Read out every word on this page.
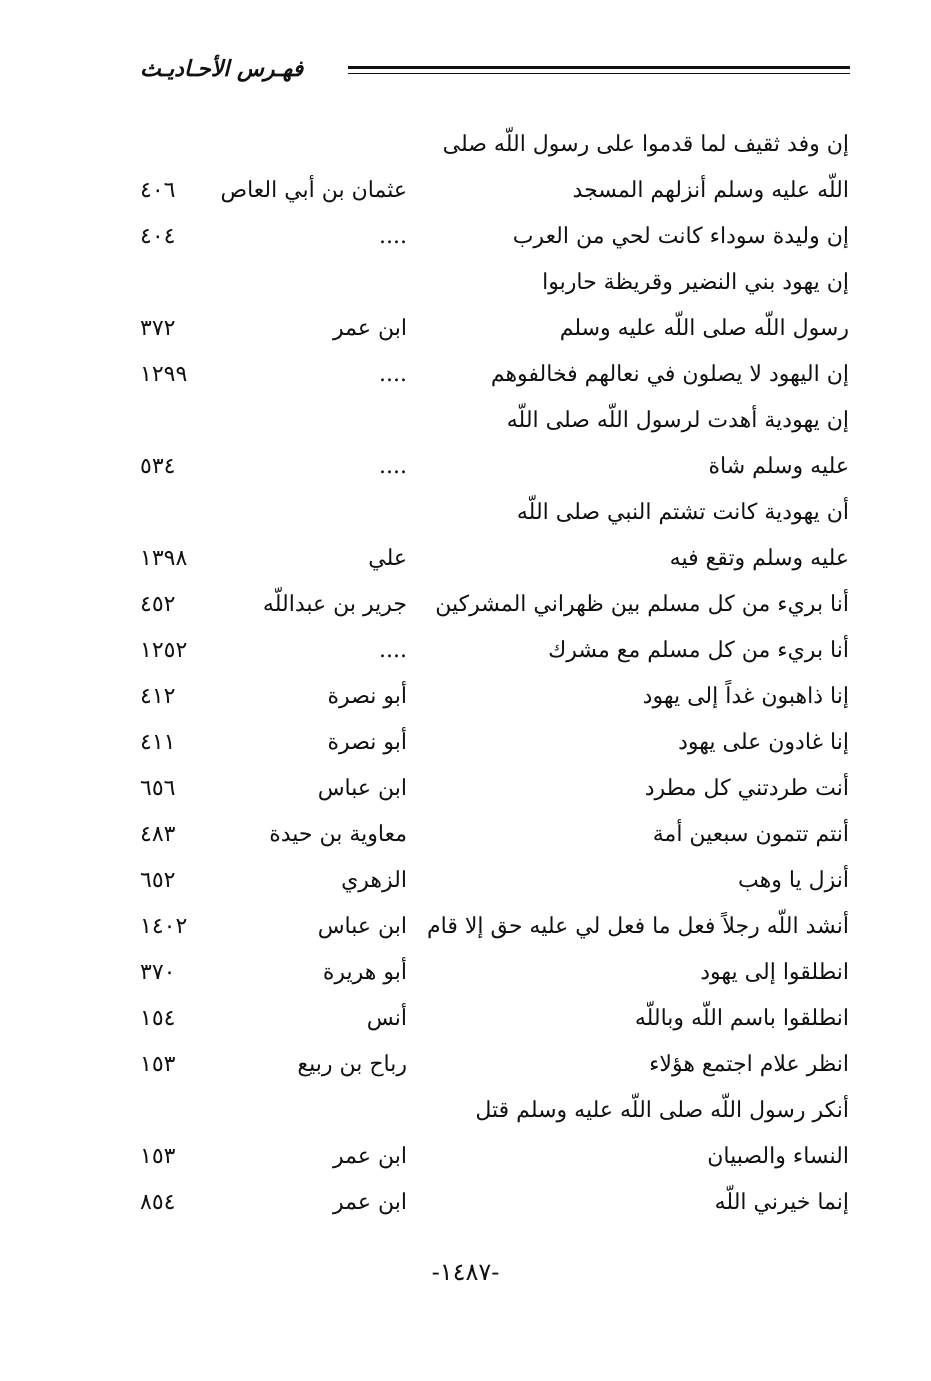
فهـرس الأحـاديـث
إن وفد ثقيف لما قدموا على رسول اللّه صلى
اللّه عليه وسلم أنزلهم المسجد
عثمان بن أبي العاص
٤٠٦
إن وليدة سوداء كانت لحي من العرب
....
٤٠٤
إن يهود بني النضير وقريظة حاربوا
رسول اللّه صلى اللّه عليه وسلم
ابن عمر
٣٧٢
إن اليهود لا يصلون في نعالهم فخالفوهم
....
١٢٩٩
إن يهودية أهدت لرسول اللّه صلى اللّه
عليه وسلم شاة
....
٥٣٤
أن يهودية كانت تشتم النبي صلى اللّه
عليه وسلم وتقع فيه
علي
١٣٩٨
أنا بريء من كل مسلم بين ظهراني المشركين
جرير بن عبداللّه
٤٥٢
أنا بريء من كل مسلم مع مشرك
....
١٢٥٢
إنا ذاهبون غداً إلى يهود
أبو نصرة
٤١٢
إنا غادون على يهود
أبو نصرة
٤١١
أنت طردتني كل مطرد
ابن عباس
٦٥٦
أنتم تتمون سبعين أمة
معاوية بن حيدة
٤٨٣
أنزل يا وهب
الزهري
٦٥٢
أنشد اللّه رجلاً فعل ما فعل لي عليه حق إلا قام
ابن عباس
١٤٠٢
انطلقوا إلى يهود
أبو هريرة
٣٧٠
انطلقوا باسم اللّه وباللّه
أنس
١٥٤
انظر علام اجتمع هؤلاء
رباح بن ربيع
١٥٣
أنكر رسول اللّه صلى اللّه عليه وسلم قتل
النساء والصبيان
ابن عمر
١٥٣
إنما خيرني اللّه
ابن عمر
٨٥٤
-١٤٨٧-
